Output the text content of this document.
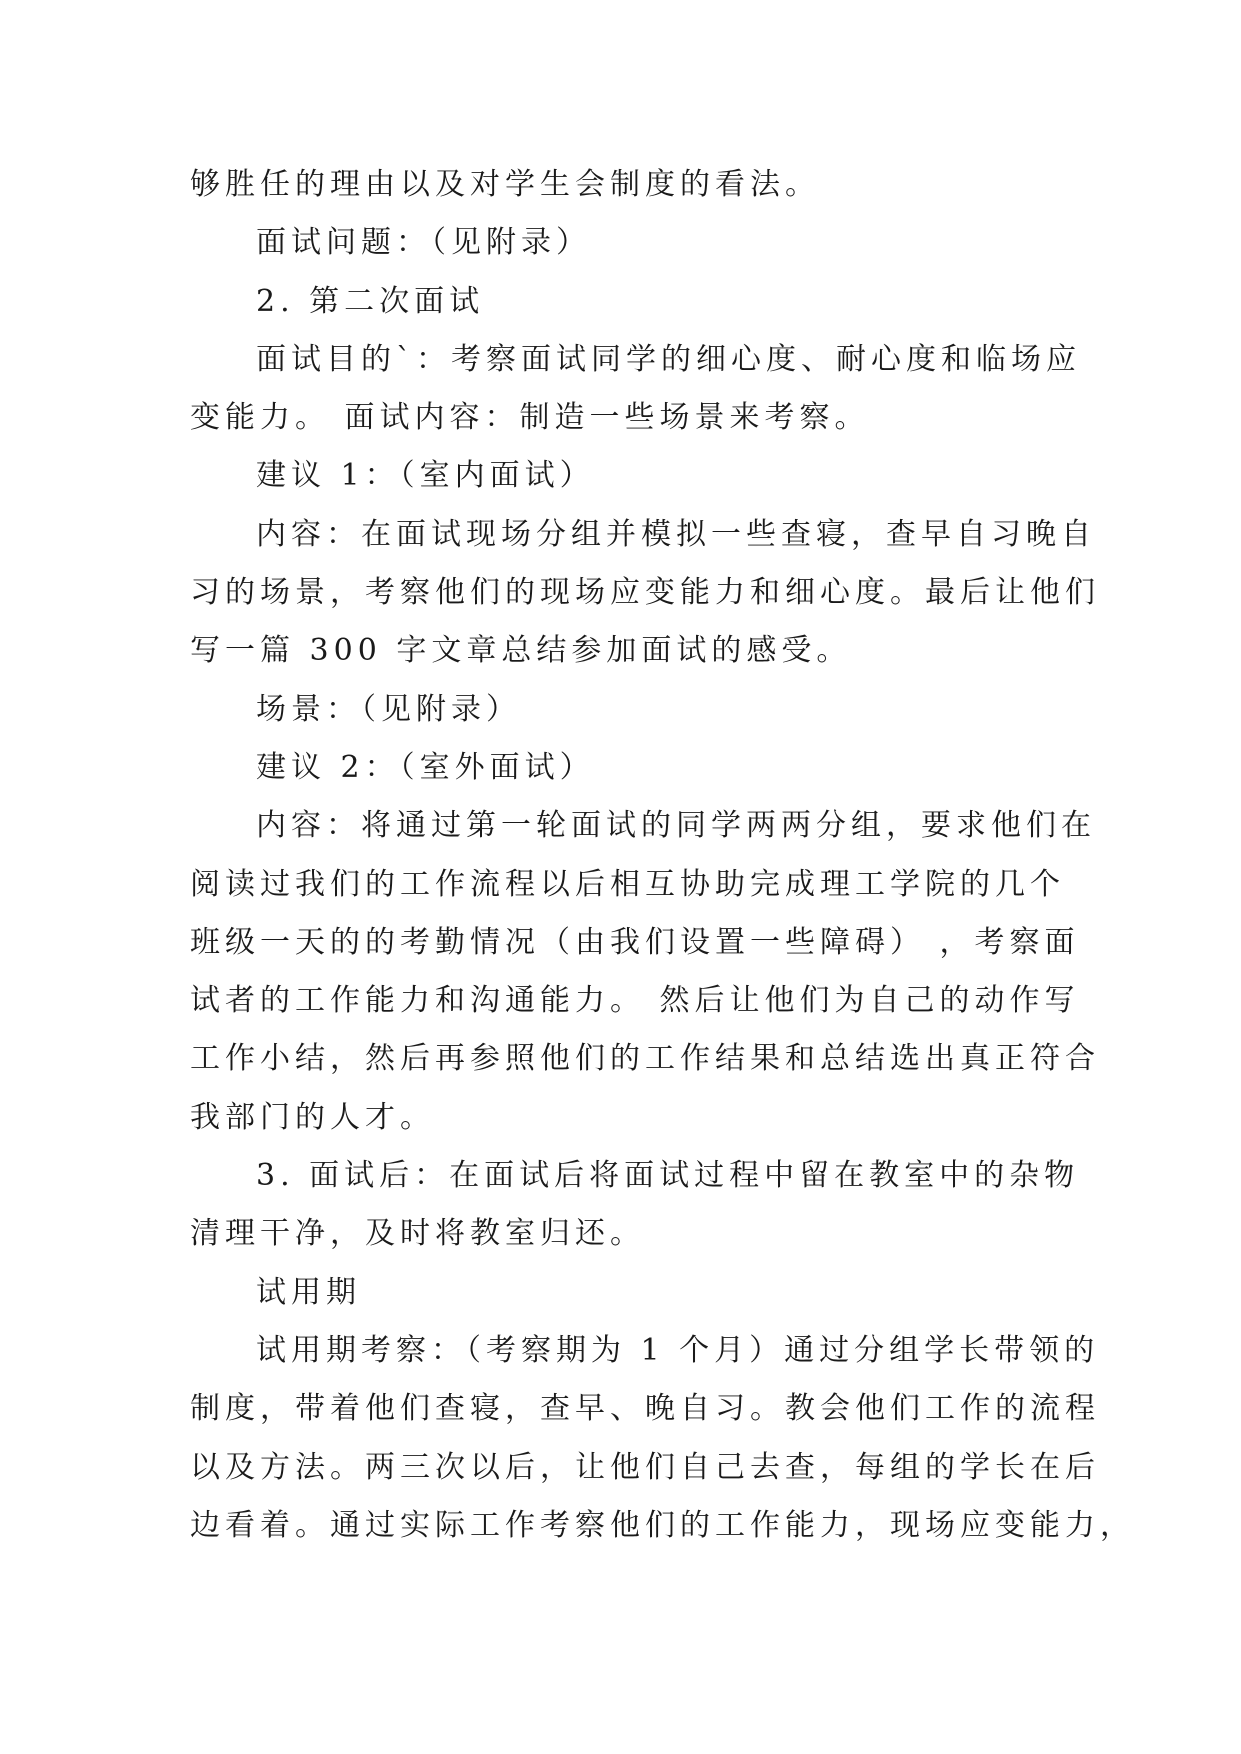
够胜任的理由以及对学生会制度的看法。
面试问题：（见附录）
2. 第二次面试
面试目的`：考察面试同学的细心度、耐心度和临场应
变能力。 面试内容：制造一些场景来考察。
建议 1：（室内面试）
内容：在面试现场分组并模拟一些查寝，查早自习晚自
习的场景，考察他们的现场应变能力和细心度。最后让他们
写一篇 300 字文章总结参加面试的感受。
场景：（见附录）
建议 2：（室外面试）
内容：将通过第一轮面试的同学两两分组，要求他们在
阅读过我们的工作流程以后相互协助完成理工学院的几个
班级一天的的考勤情况（由我们设置一些障碍） ，考察面
试者的工作能力和沟通能力。 然后让他们为自己的动作写
工作小结，然后再参照他们的工作结果和总结选出真正符合
我部门的人才。
3. 面试后：在面试后将面试过程中留在教室中的杂物
清理干净，及时将教室归还。
试用期
试用期考察：（考察期为 1 个月）通过分组学长带领的
制度，带着他们查寝，查早、晚自习。教会他们工作的流程
以及方法。两三次以后，让他们自己去查，每组的学长在后
边看着。通过实际工作考察他们的工作能力，现场应变能力，
